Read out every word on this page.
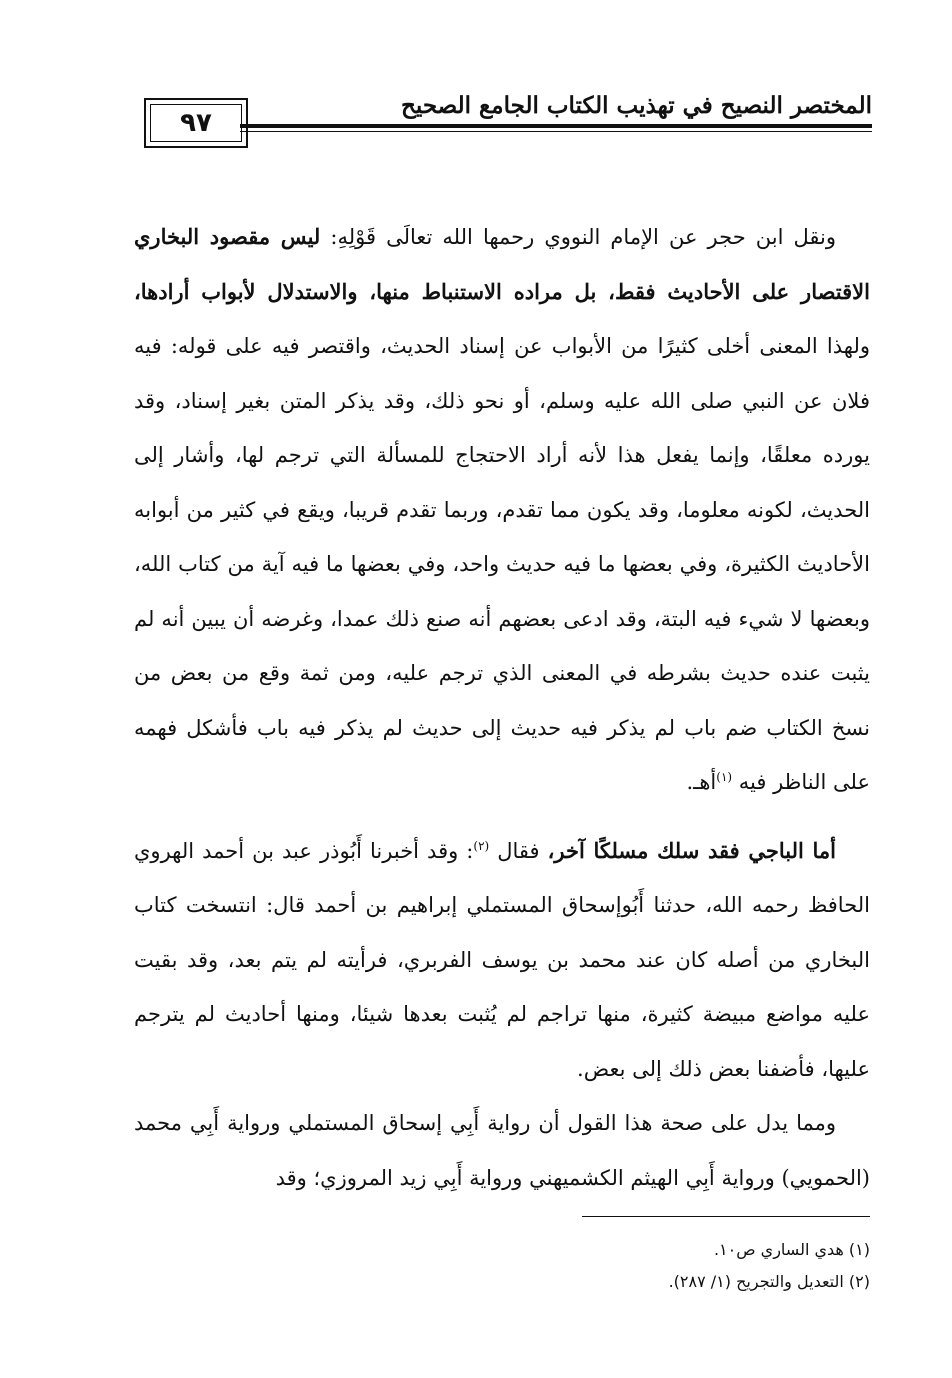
المختصر النصيح في تهذيب الكتاب الجامع الصحيح
٩٧

ونقل ابن حجر عن الإمام النووي رحمها الله تعالَى قَوْلِهِ: ليس مقصود البخاري الاقتصار على الأحاديث فقط، بل مراده الاستنباط منها، والاستدلال لأبواب أرادها، ولهذا المعنى أخلى كثيرًا من الأبواب عن إسناد الحديث، واقتصر فيه على قوله: فيه فلان عن النبي صلى الله عليه وسلم، أو نحو ذلك، وقد يذكر المتن بغير إسناد، وقد يورده معلقًا، وإنما يفعل هذا لأنه أراد الاحتجاج للمسألة التي ترجم لها، وأشار إلى الحديث، لكونه معلوما، وقد يكون مما تقدم، وربما تقدم قريبا، ويقع في كثير من أبوابه الأحاديث الكثيرة، وفي بعضها ما فيه حديث واحد، وفي بعضها ما فيه آية من كتاب الله، وبعضها لا شيء فيه البتة، وقد ادعى بعضهم أنه صنع ذلك عمدا، وغرضه أن يبين أنه لم يثبت عنده حديث بشرطه في المعنى الذي ترجم عليه، ومن ثمة وقع من بعض من نسخ الكتاب ضم باب لم يذكر فيه حديث إلى حديث لم يذكر فيه باب فأشكل فهمه على الناظر فيه $^{(١)}$أهـ.

أما الباجي فقد سلك مسلكًا آخر، فقال $^{(٢)}$: وقد أخبرنا أَبُوذر عبد بن أحمد الهروي الحافظ رحمه الله، حدثنا أَبُوإسحاق المستملي إبراهيم بن أحمد قال: انتسخت كتاب البخاري من أصله كان عند محمد بن يوسف الفربري، فرأيته لم يتم بعد، وقد بقيت عليه مواضع مبيضة كثيرة، منها تراجم لم يُثبت بعدها شيئا، ومنها أحاديث لم يترجم عليها، فأضفنا بعض ذلك إلى بعض.

ومما يدل على صحة هذا القول أن رواية أَبِي إسحاق المستملي ورواية أَبِي محمد (الحمويي) ورواية أَبِي الهيثم الكشميهني ورواية أَبِي زيد المروزي؛ وقد

(١) هدي الساري ص١٠.
(٢) التعديل والتجريح (١/ ٢٨٧).
